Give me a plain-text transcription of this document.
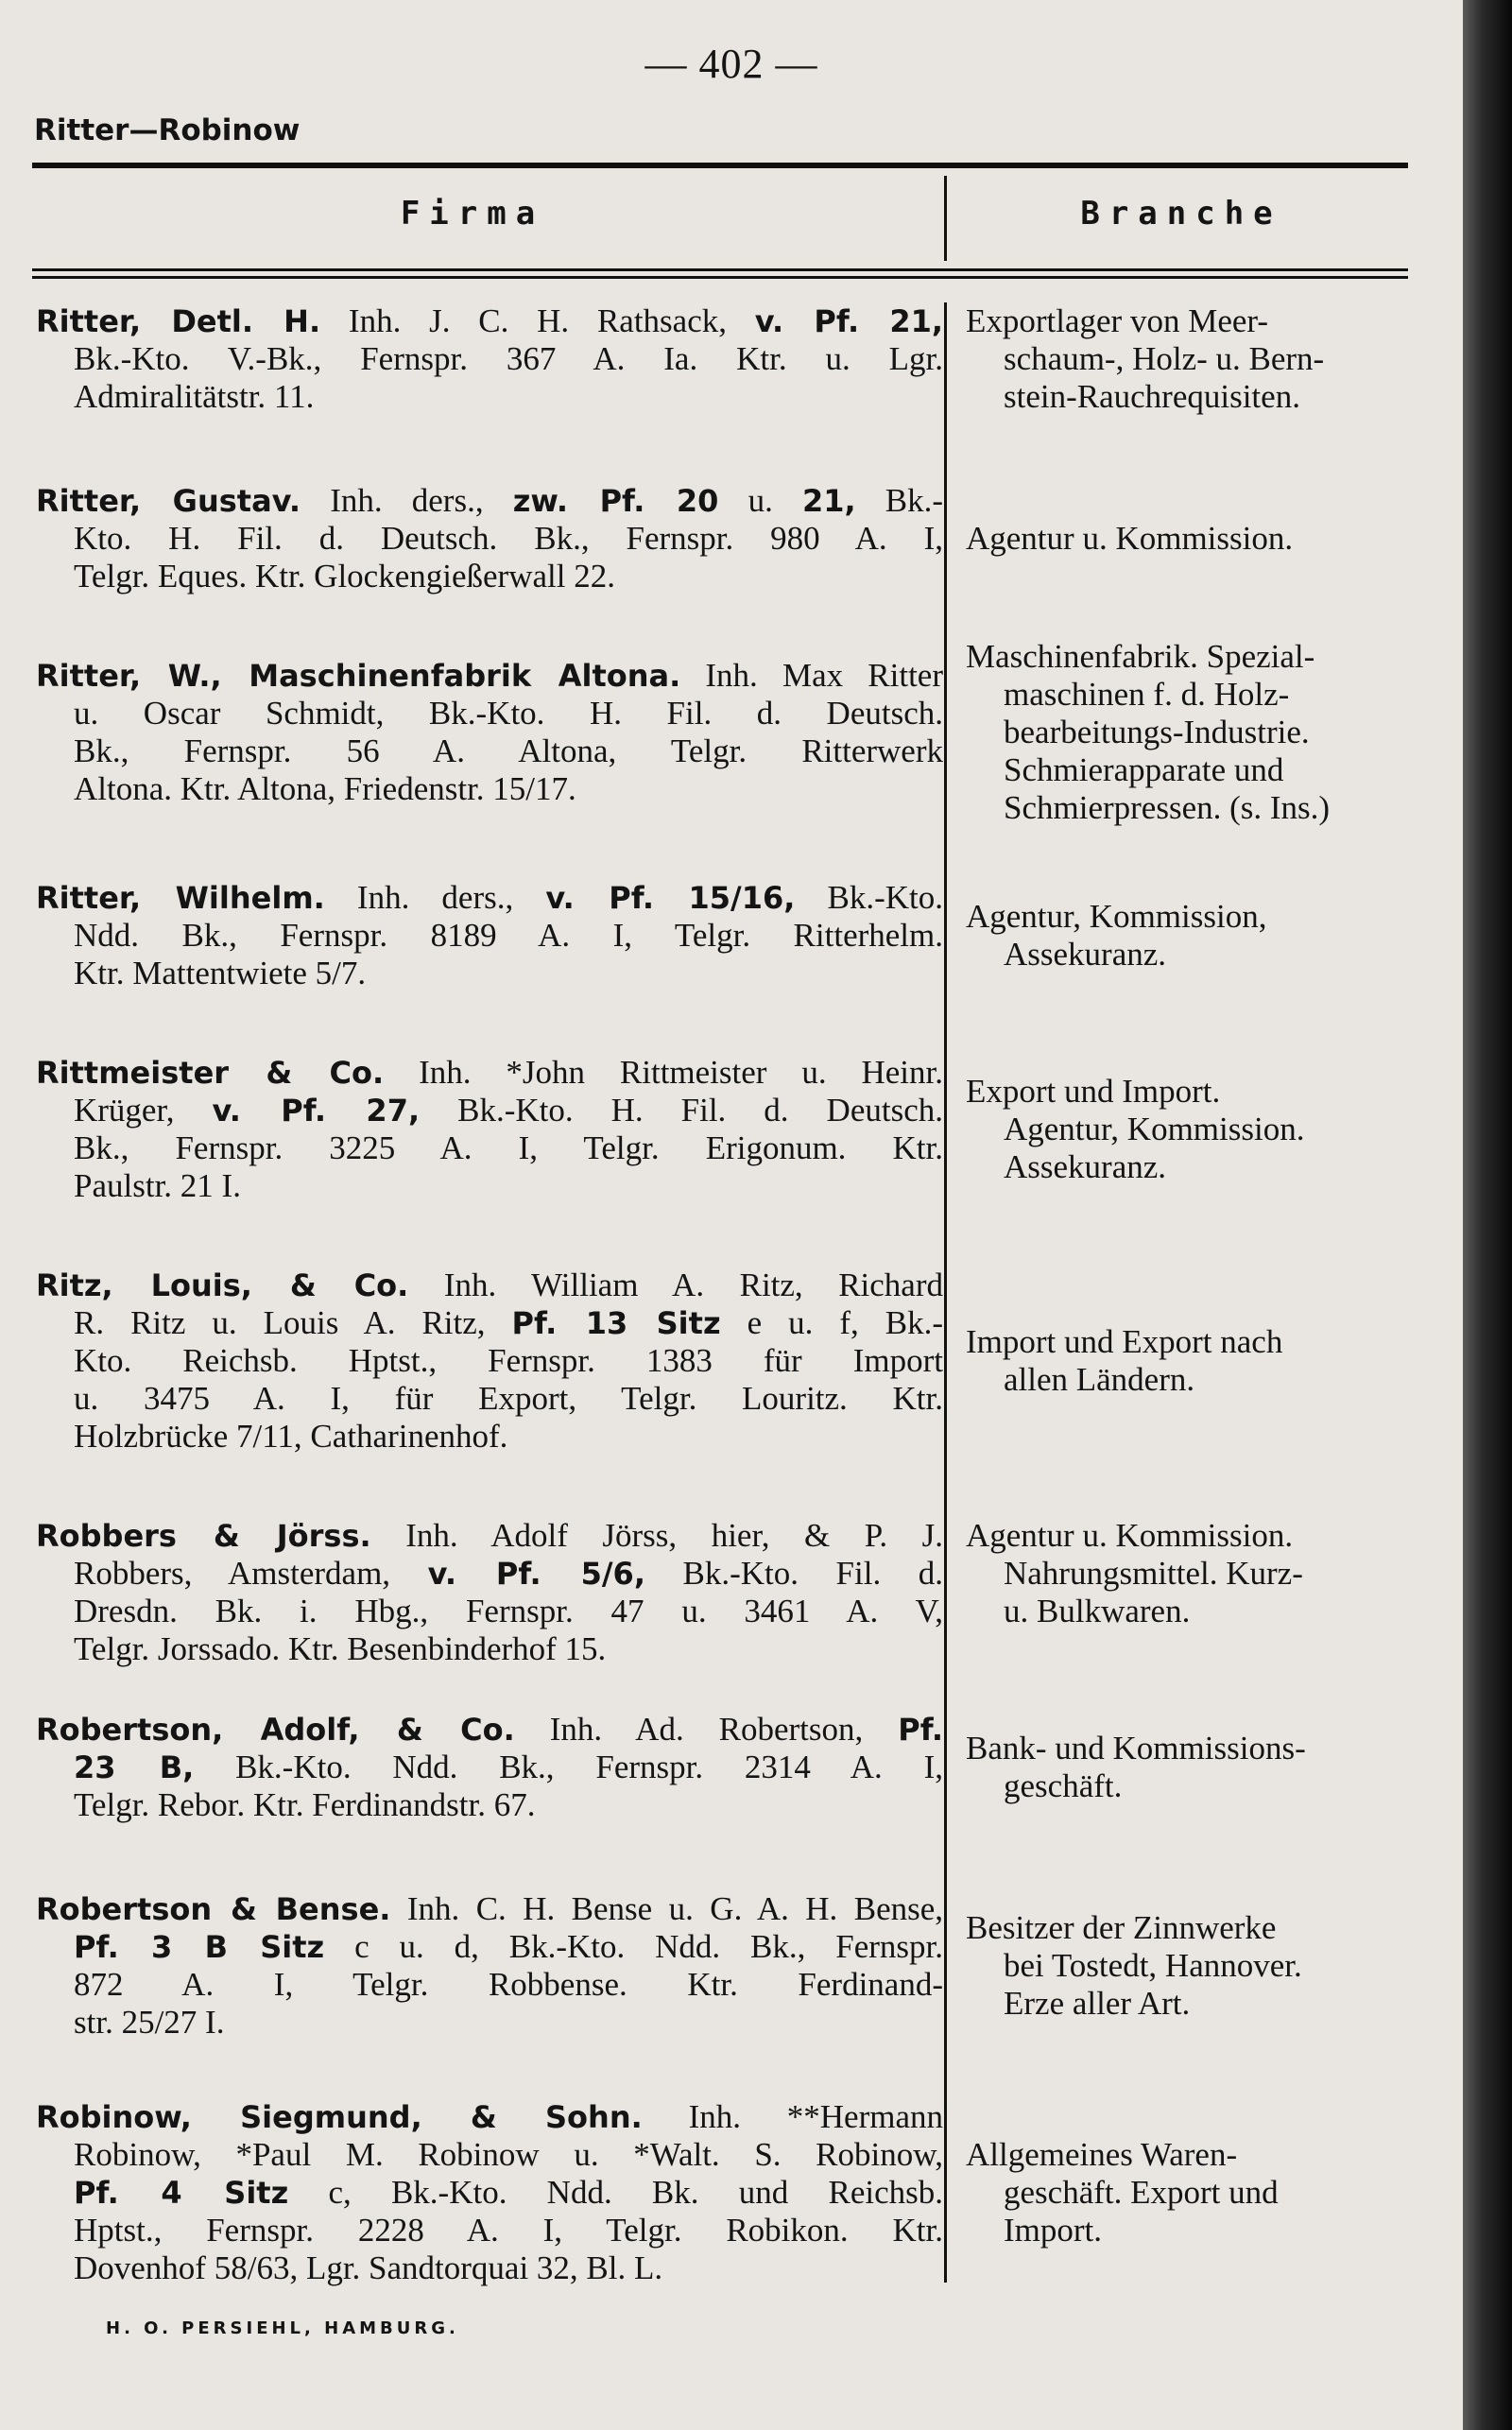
— 402 —
Ritter—Robinow
Firma	Branche
Ritter, Detl. H. Inh. J. C. H. Rathsack, v. Pf. 21,
Bk.-Kto. V.-Bk., Fernspr. 367 A. Ia. Ktr. u. Lgr.
Admiralitätstr. 11.
Exportlager von Meer-
schaum-, Holz- u. Bern-
stein-Rauchrequisiten.
Ritter, Gustav. Inh. ders., zw. Pf. 20 u. 21, Bk.-
Kto. H. Fil. d. Deutsch. Bk., Fernspr. 980 A. I,
Telgr. Eques. Ktr. Glockengießerwall 22.
Agentur u. Kommission.
Ritter, W., Maschinenfabrik Altona. Inh. Max Ritter
u. Oscar Schmidt, Bk.-Kto. H. Fil. d. Deutsch.
Bk., Fernspr. 56 A. Altona, Telgr. Ritterwerk
Altona. Ktr. Altona, Friedenstr. 15/17.
Maschinenfabrik. Spezial-
maschinen f. d. Holz-
bearbeitungs-Industrie.
Schmierapparate und
Schmierpressen. (s. Ins.)
Ritter, Wilhelm. Inh. ders., v. Pf. 15/16, Bk.-Kto.
Ndd. Bk., Fernspr. 8189 A. I, Telgr. Ritterhelm.
Ktr. Mattentwiete 5/7.
Agentur, Kommission,
Assekuranz.
Rittmeister & Co. Inh. *John Rittmeister u. Heinr.
Krüger, v. Pf. 27, Bk.-Kto. H. Fil. d. Deutsch.
Bk., Fernspr. 3225 A. I, Telgr. Erigonum. Ktr.
Paulstr. 21 I.
Export und Import.
Agentur, Kommission.
Assekuranz.
Ritz, Louis, & Co. Inh. William A. Ritz, Richard
R. Ritz u. Louis A. Ritz, Pf. 13 Sitz e u. f, Bk.-
Kto. Reichsb. Hptst., Fernspr. 1383 für Import
u. 3475 A. I, für Export, Telgr. Louritz. Ktr.
Holzbrücke 7/11, Catharinenhof.
Import und Export nach
allen Ländern.
Robbers & Jörss. Inh. Adolf Jörss, hier, & P. J.
Robbers, Amsterdam, v. Pf. 5/6, Bk.-Kto. Fil. d.
Dresdn. Bk. i. Hbg., Fernspr. 47 u. 3461 A. V,
Telgr. Jorssado. Ktr. Besenbinderhof 15.
Agentur u. Kommission.
Nahrungsmittel. Kurz-
u. Bulkwaren.
Robertson, Adolf, & Co. Inh. Ad. Robertson, Pf.
23 B, Bk.-Kto. Ndd. Bk., Fernspr. 2314 A. I,
Telgr. Rebor. Ktr. Ferdinandstr. 67.
Bank- und Kommissions-
geschäft.
Robertson & Bense. Inh. C. H. Bense u. G. A. H. Bense,
Pf. 3 B Sitz c u. d, Bk.-Kto. Ndd. Bk., Fernspr.
872 A. I, Telgr. Robbense. Ktr. Ferdinand-
str. 25/27 I.
Besitzer der Zinnwerke
bei Tostedt, Hannover.
Erze aller Art.
Robinow, Siegmund, & Sohn. Inh. **Hermann
Robinow, *Paul M. Robinow u. *Walt. S. Robinow,
Pf. 4 Sitz c, Bk.-Kto. Ndd. Bk. und Reichsb.
Hptst., Fernspr. 2228 A. I, Telgr. Robikon. Ktr.
Dovenhof 58/63, Lgr. Sandtorquai 32, Bl. L.
Allgemeines Waren-
geschäft. Export und
Import.
H. O. PERSIEHL, HAMBURG.
